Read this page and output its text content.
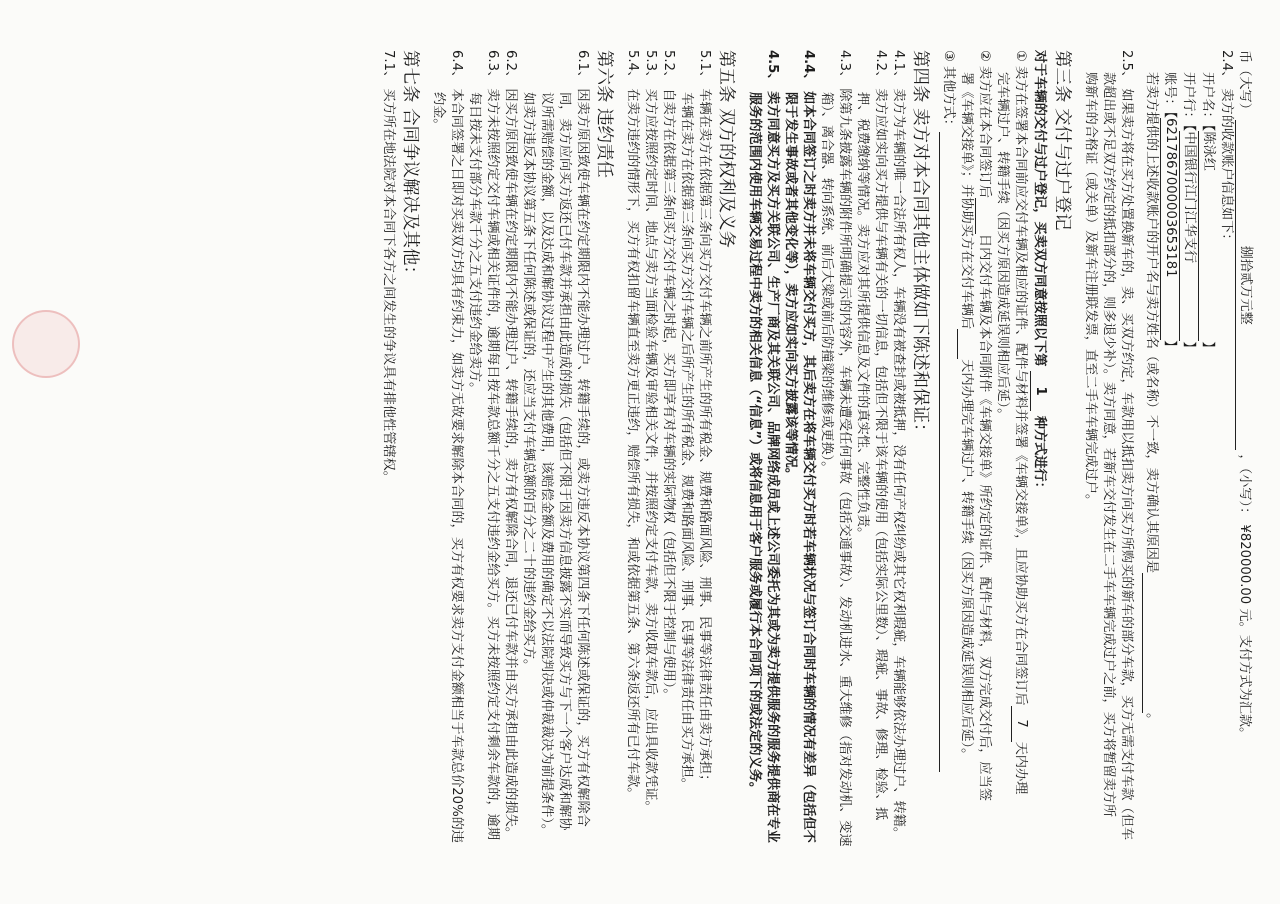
币（大写） 捌拾贰万元整 ，（小写）： ¥820000.00 元。支付方式为汇款。
2.4、 卖方的收款账户信息如下：
开户名：【陈泳红】
开户行：【中国银行江门江华支行】
账号：【6217867000003653181】
若卖方提供的上述收款账户的开户名与卖方姓名（或名称）不一致，卖方确认其原因是。
2.5、 如果卖方将在买方处置换新车的，卖、买双方约定，车款用以抵扣卖方向买方所购买的新车的部分车款，买方无需支付车款（但车
款超出或不足双方约定的抵扣部分的，则多退少补）。卖方同意，若新车交付发生在二手车车辆完成过户之前，买方将暂留卖方所
购新车的合格证（或关单）及新车注册联发票，直至二手车车辆完成过户。
第三条 交付与过户登记
对于车辆的交付与过户登记，买卖双方同意按照以下第 1 种方式进行：
① 卖方在签署本合同前应交付车辆及相应的证件、配件与材料并签署《车辆交接单》，且应协助买方在合同签订后7天内办理
完车辆过户、转籍手续（因买方原因造成延误则相应后延）。
② 卖方应在本合同签订后日内交付车辆及本合同附件《车辆交接单》所约定的证件、配件与材料，双方完成交付后，应当签
署《车辆交接单》；并协助买方在交付车辆后天内办理完车辆过户、转籍手续（因买方原因造成延误则相应后延）。
③ 其他方式：
第四条 卖方对本合同其他主体做如下陈述和保证：
4.1、 卖方为车辆的唯一合法所有权人，车辆没有被查封或被抵押，没有任何产权纠纷或其它权利瑕疵，车辆能够依法办理过户、转籍。
4.2、 卖方应如实向买方提供与车辆有关的一切信息，包括但不限于该车辆的使用（包括实际公里数）、瑕疵、事故、修理、检验、抵
押、税费缴纳等情况。卖方应对其所提供信息及文件的真实性、完整性负责。
4.3、 除第九条披露车辆的附件所明确提示的内容外，车辆未遭受任何事故（包括交通事故）、发动机进水、重大维修（指对发动机、变速
箱）、离合器、转向系统、前后大梁或前后防撞梁的维修或更换）。
4.4、 如本合同签订之时卖方并未将车辆交付买方，其后卖方在将车辆交付买方时若车辆状况与签订合同时车辆的情况有差异（包括但不
限于发生事故或者其他变化等），卖方应如实向买方披露该等情况。
4.5、 卖方同意买方及买方关联公司、生产厂商及其关联公司、品牌网络成员或上述公司委托为其或为卖方提供服务的服务提供商在专业
服务的范围内使用车辆交易过程中卖方的相关信息（“信息”）或将信息用于客户服务或履行本合同项下的或法定的义务。
第五条 双方的权利及义务
5.1、 车辆在卖方在依据第三条向买方交付车辆之前所产生的所有税金、规费和路面风险、刑事、民事等法律责任由卖方承担；
车辆在卖方在依据第三条向买方交付车辆之后所产生的所有税金、规费和路面风险、刑事、民事等法律责任由买方承担。
5.2、 自卖方在依据第三条向买方交付车辆之时起，买方即享有对车辆的实际物权（包括但不限于控制与使用）。
5.3、 买方应按照约定时间、地点与卖方当面检验车辆及审验相关文件，并按照约定支付车款，卖方收取车款后，应出具收款凭证。
5.4、 在卖方违约的情形下，买方有权扣留车辆直至卖方更正违约，赔偿所有损失，和或依据第五条、第六条返还所有已付车款。
第六条 违约责任
6.1、 因卖方原因致使车辆在约定期限内不能办理过户、转籍手续的，或卖方违反本协议第四条下任何陈述或保证的，买方有权解除合
同，卖方应向买方返还已付车款并承担由此造成的损失（包括但不限于因卖方信息披露不实而导致买方与下一个客户达成和解协
议所需赔偿的金额，以及达成和解协议过程中产生的其他费用，该赔偿金额及费用的确定不以法院判决或仲裁裁决为前提条件）。
如卖方违反本协议第五条下任何陈述或保证的，还应当支付车辆总额的百分之二十的违约金给买方。
6.2、 因买方原因致使车辆在约定期限内不能办理过户、转籍手续的，卖方有权解除合同，退还已付车款并由买方承担由此造成的损失。
6.3、 卖方未按照约定交付车辆或相关证件的，逾期每日按车款总额千分之五支付违约金给买方。买方未按照约定支付剩余车款的，逾期
每日按未支付部分车款千分之五支付违约金给卖方。
6.4、 本合同签署之日即对买卖双方均具有约束力，如卖方无故要求解除本合同的，买方有权要求卖方支付金额相当于车款总价20%的违
约金。
第七条 合同争议解决及其他：
7.1、 买方所在地法院对本合同下各方之间发生的争议具有排他性管辖权。
